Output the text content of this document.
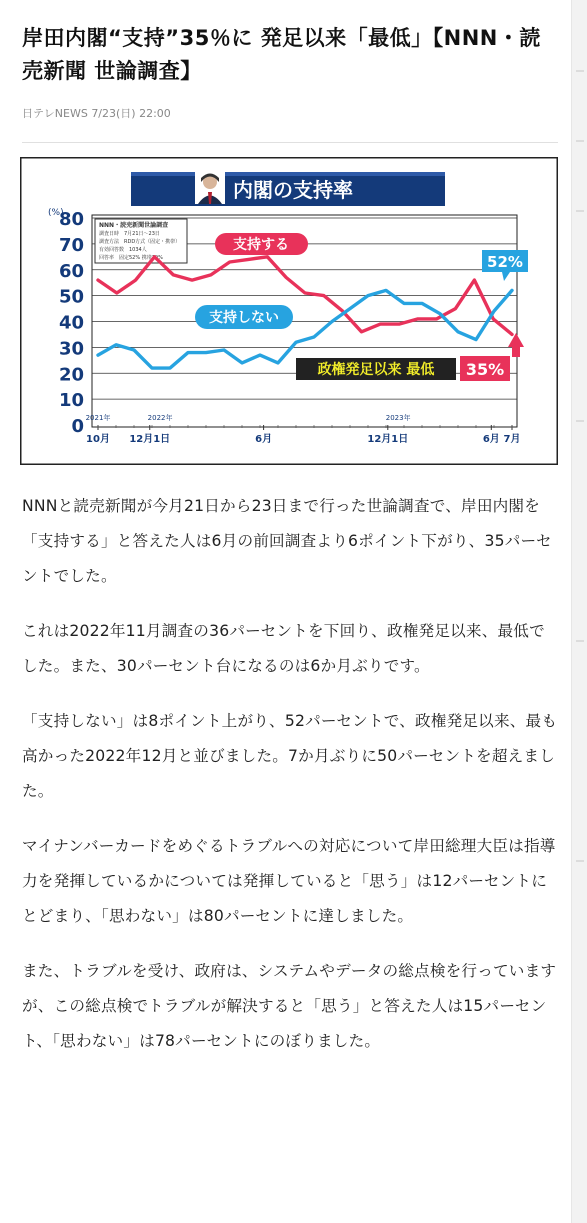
岸田内閣“支持”35％に 発足以来「最低」【NNN・読売新聞 世論調査】
日テレNEWS 7/23(日) 22:00
内閣の支持率
(%)
0
10
20
30
40
50
60
70
80
10月 12月1日	6月	12月1日	6月 7月
2021年	2022年	2023年
NNN・読売新聞世論調査
調査日時　7月21日〜23日
調査方法　RDD方式（固定・携帯）
有効回答数　1034人
回答率　固定52% 携帯39%
支持する
支持しない
52%
政権発足以来 最低 35%

NNNと読売新聞が今月21日から23日まで行った世論調査で、岸田内閣を「支持する」と答えた人は6月の前回調査より6ポイント下がり、35パーセントでした。

これは2022年11月調査の36パーセントを下回り、政権発足以来、最低でした。また、30パーセント台になるのは6か月ぶりです。

「支持しない」は8ポイント上がり、52パーセントで、政権発足以来、最も高かった2022年12月と並びました。7か月ぶりに50パーセントを超えました。

マイナンバーカードをめぐるトラブルへの対応について岸田総理大臣は指導力を発揮しているかについては発揮していると「思う」は12パーセントにとどまり、「思わない」は80パーセントに達しました。

また、トラブルを受け、政府は、システムやデータの総点検を行っていますが、この総点検でトラブルが解決すると「思う」と答えた人は15パーセント、「思わない」は78パーセントにのぼりました。
